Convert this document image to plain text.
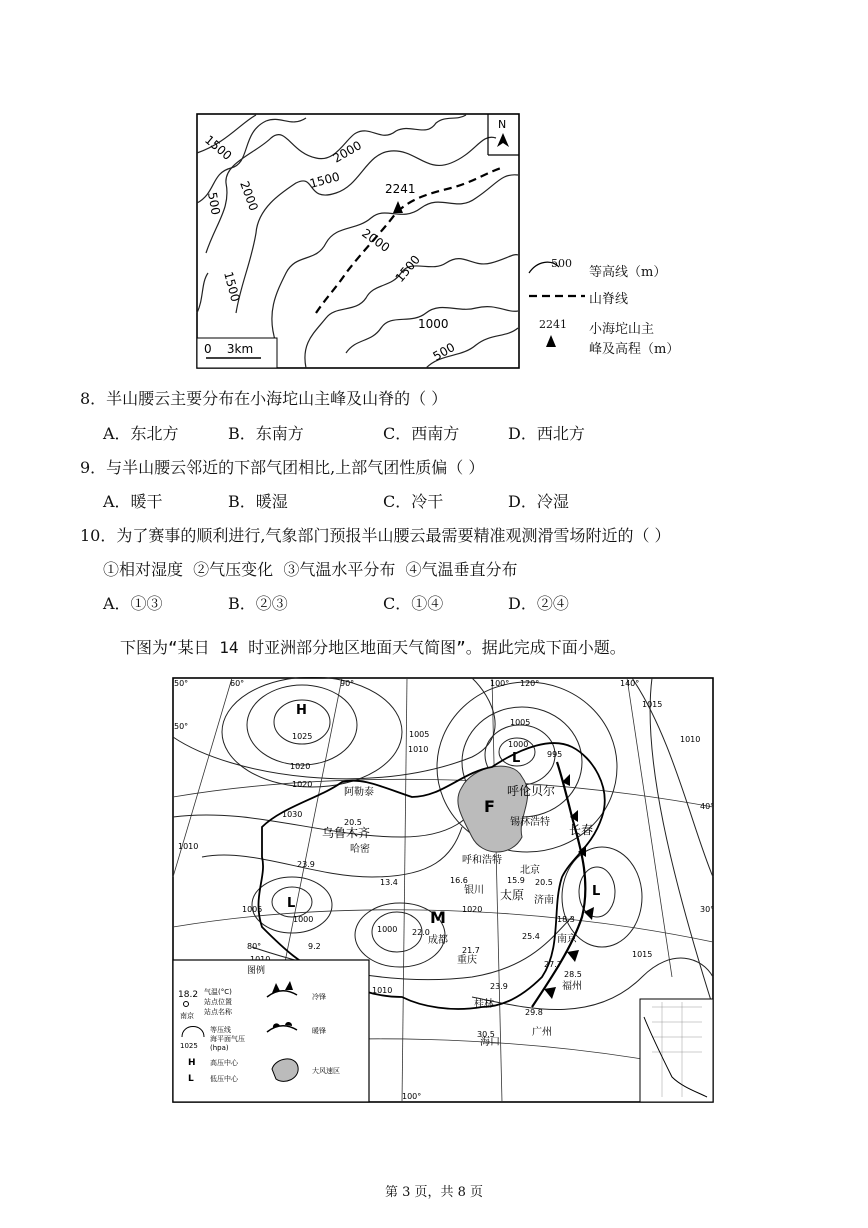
N
2241
1500	2000
1500
500 2000
2000
1500
1500
1000
500
0    3km
500
等高线（m）
山脊线
2241 小海坨山主
峰及高程（m）
8．半山腰云主要分布在小海坨山主峰及山脊的（ ）
A．东北方	B．东南方	C．西南方	D．西北方
9．与半山腰云邻近的下部气团相比,上部气团性质偏（ ）
A．暖干	B．暖湿	C．冷干	D．冷湿
10．为了赛事的顺利进行,气象部门预报半山腰云最需要精准观测滑雪场附近的（ ）
①相对湿度  ②气压变化  ③气温水平分布  ④气温垂直分布
A．①③	B．②③	C．①④	D．②④
下图为“某日 14 时亚洲部分地区地面天气简图”。据此完成下面小题。
H
L
L
L
M
F
1025
1020
1010
1005
1000
1005
1000
1010
1005
1000
995
1010
1015
1020
1015
1030
1010
1020
阿勒泰
乌鲁木齐
哈密
呼伦贝尔
锡林浩特
长春
呼和浩特
北京
银川 太原 济南
成都
重庆
南京
福州
桂林
广州
海口
20.5
23.9
13.4	16.6	15.9 20.5
22.0	25.4
18.3
21.7
23.9
27.7
28.5
29.8
30.5
9.2
50°	60°	90°	100° 120°	140°
80°
100°
40°
30°
50°
图例
18.2
南京
气温(°C)
站点位置
站点名称
1025
等压线
海平面气压
(hpa)
H 高压中心
L 低压中心
冷锋
暖锋
大风速区
第 3 页，共 8 页
